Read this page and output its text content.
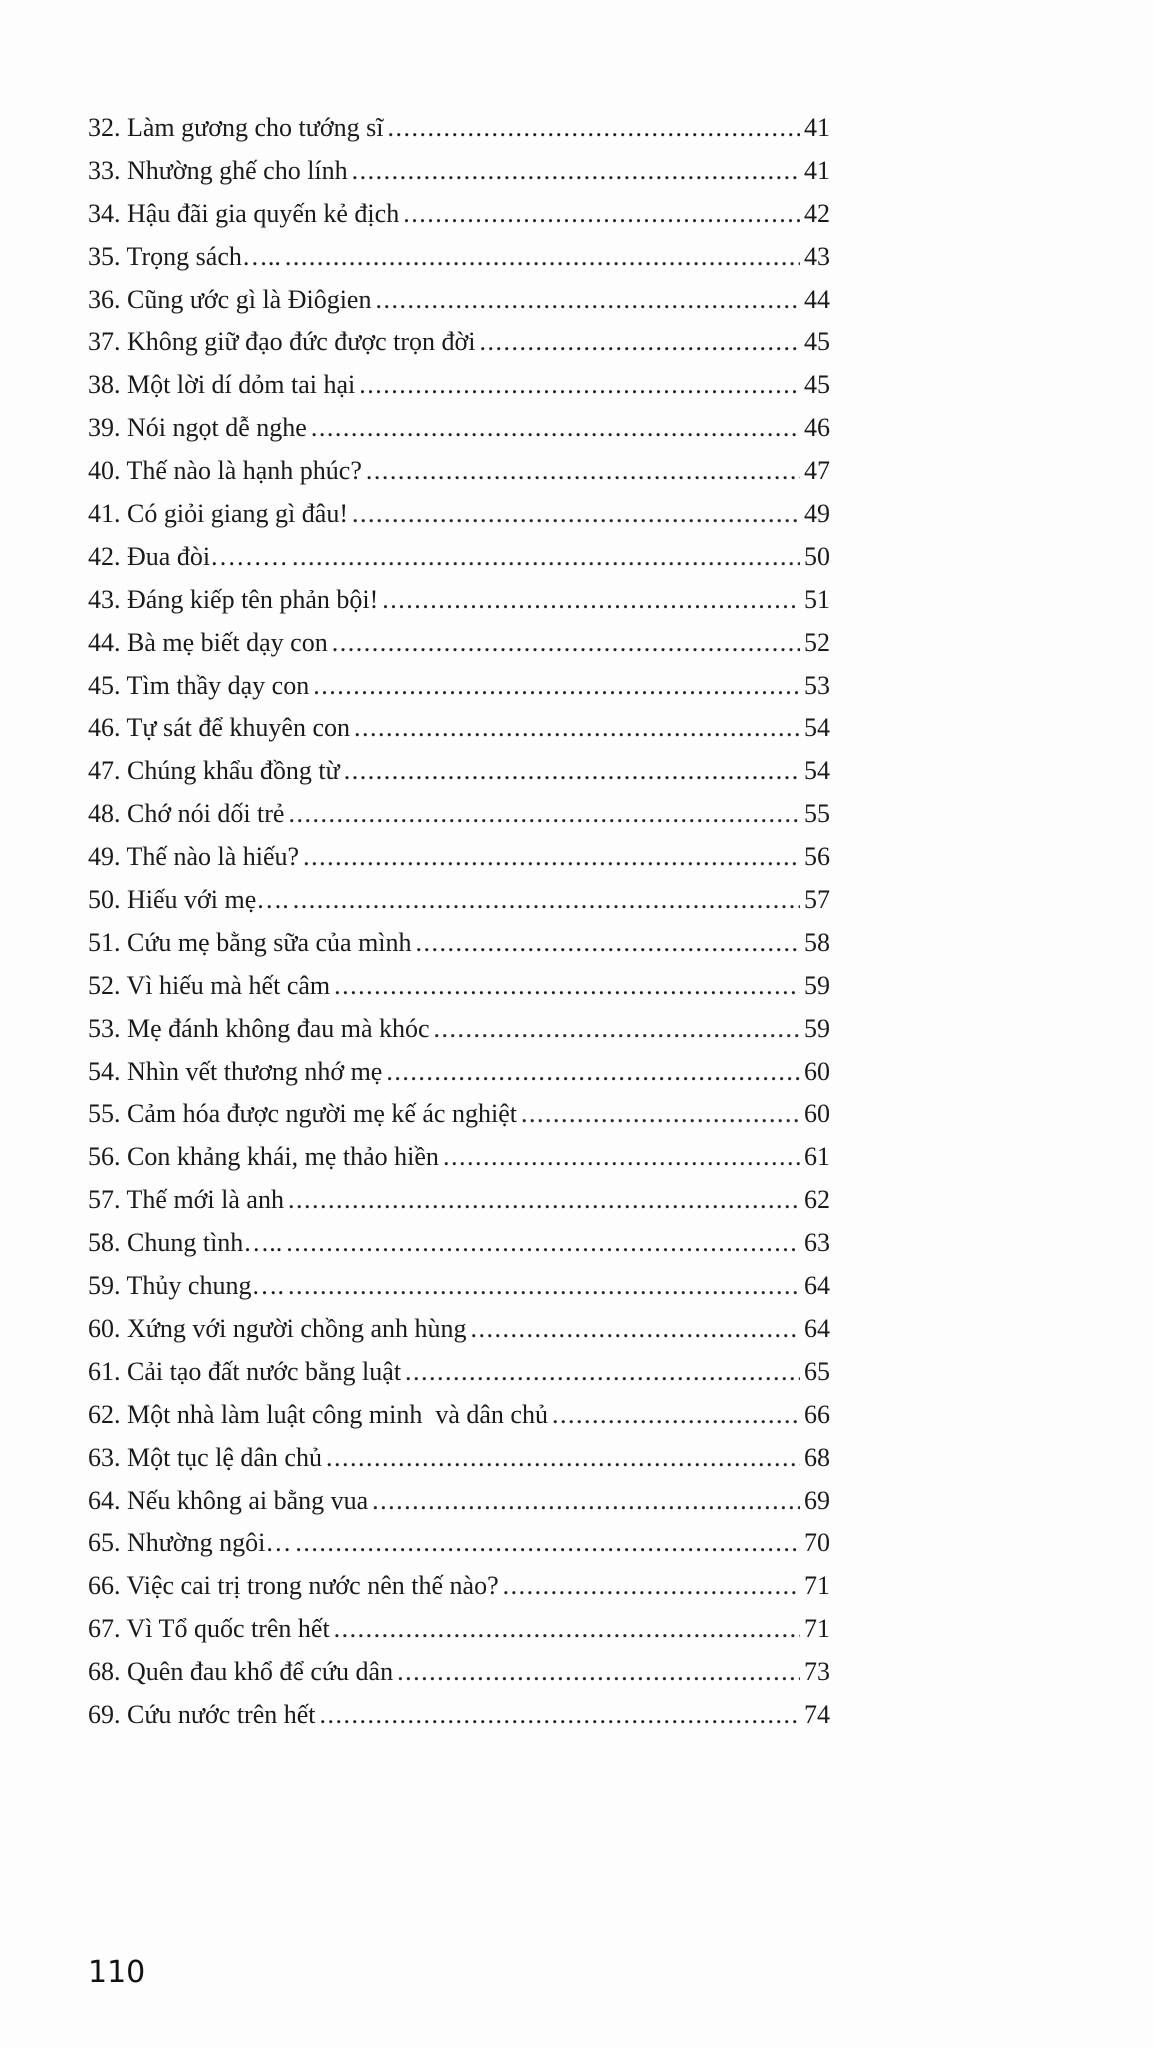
32. Làm gương cho tướng sĩ .....	41
33. Nhường ghế cho lính .....	41
34. Hậu đãi gia quyến kẻ địch .....	42
35. Trọng sách….. .....	43
36. Cũng ước gì là Điôgien .....	44
37. Không giữ đạo đức được trọn đời .....	45
38. Một lời dí dỏm tai hại .....	45
39. Nói ngọt dễ nghe .....	46
40. Thế nào là hạnh phúc? .....	47
41. Có giỏi giang gì đâu! .....	49
42. Đua đòi……… .....	50
43. Đáng kiếp tên phản bội! .....	51
44. Bà mẹ biết dạy con .....	52
45. Tìm thầy dạy con .....	53
46. Tự sát để khuyên con .....	54
47. Chúng khẩu đồng từ .....	54
48. Chớ nói dối trẻ .....	55
49. Thế nào là hiếu? .....	56
50. Hiếu với mẹ…. .....	57
51. Cứu mẹ bằng sữa của mình .....	58
52. Vì hiếu mà hết câm .....	59
53. Mẹ đánh không đau mà khóc .....	59
54. Nhìn vết thương nhớ mẹ .....	60
55. Cảm hóa được người mẹ kế ác nghiệt .....	60
56. Con khảng khái, mẹ thảo hiền .....	61
57. Thế mới là anh .....	62
58. Chung tình….. .....	63
59. Thủy chung…. .....	64
60. Xứng với người chồng anh hùng .....	64
61. Cải tạo đất nước bằng luật .....	65
62. Một nhà làm luật công minh  và dân chủ .....	66
63. Một tục lệ dân chủ .....	68
64. Nếu không ai bằng vua .....	69
65. Nhường ngôi… .....	70
66. Việc cai trị trong nước nên thế nào? .....	71
67. Vì Tổ quốc trên hết .....	71
68. Quên đau khổ để cứu dân .....	73
69. Cứu nước trên hết .....	74
110
